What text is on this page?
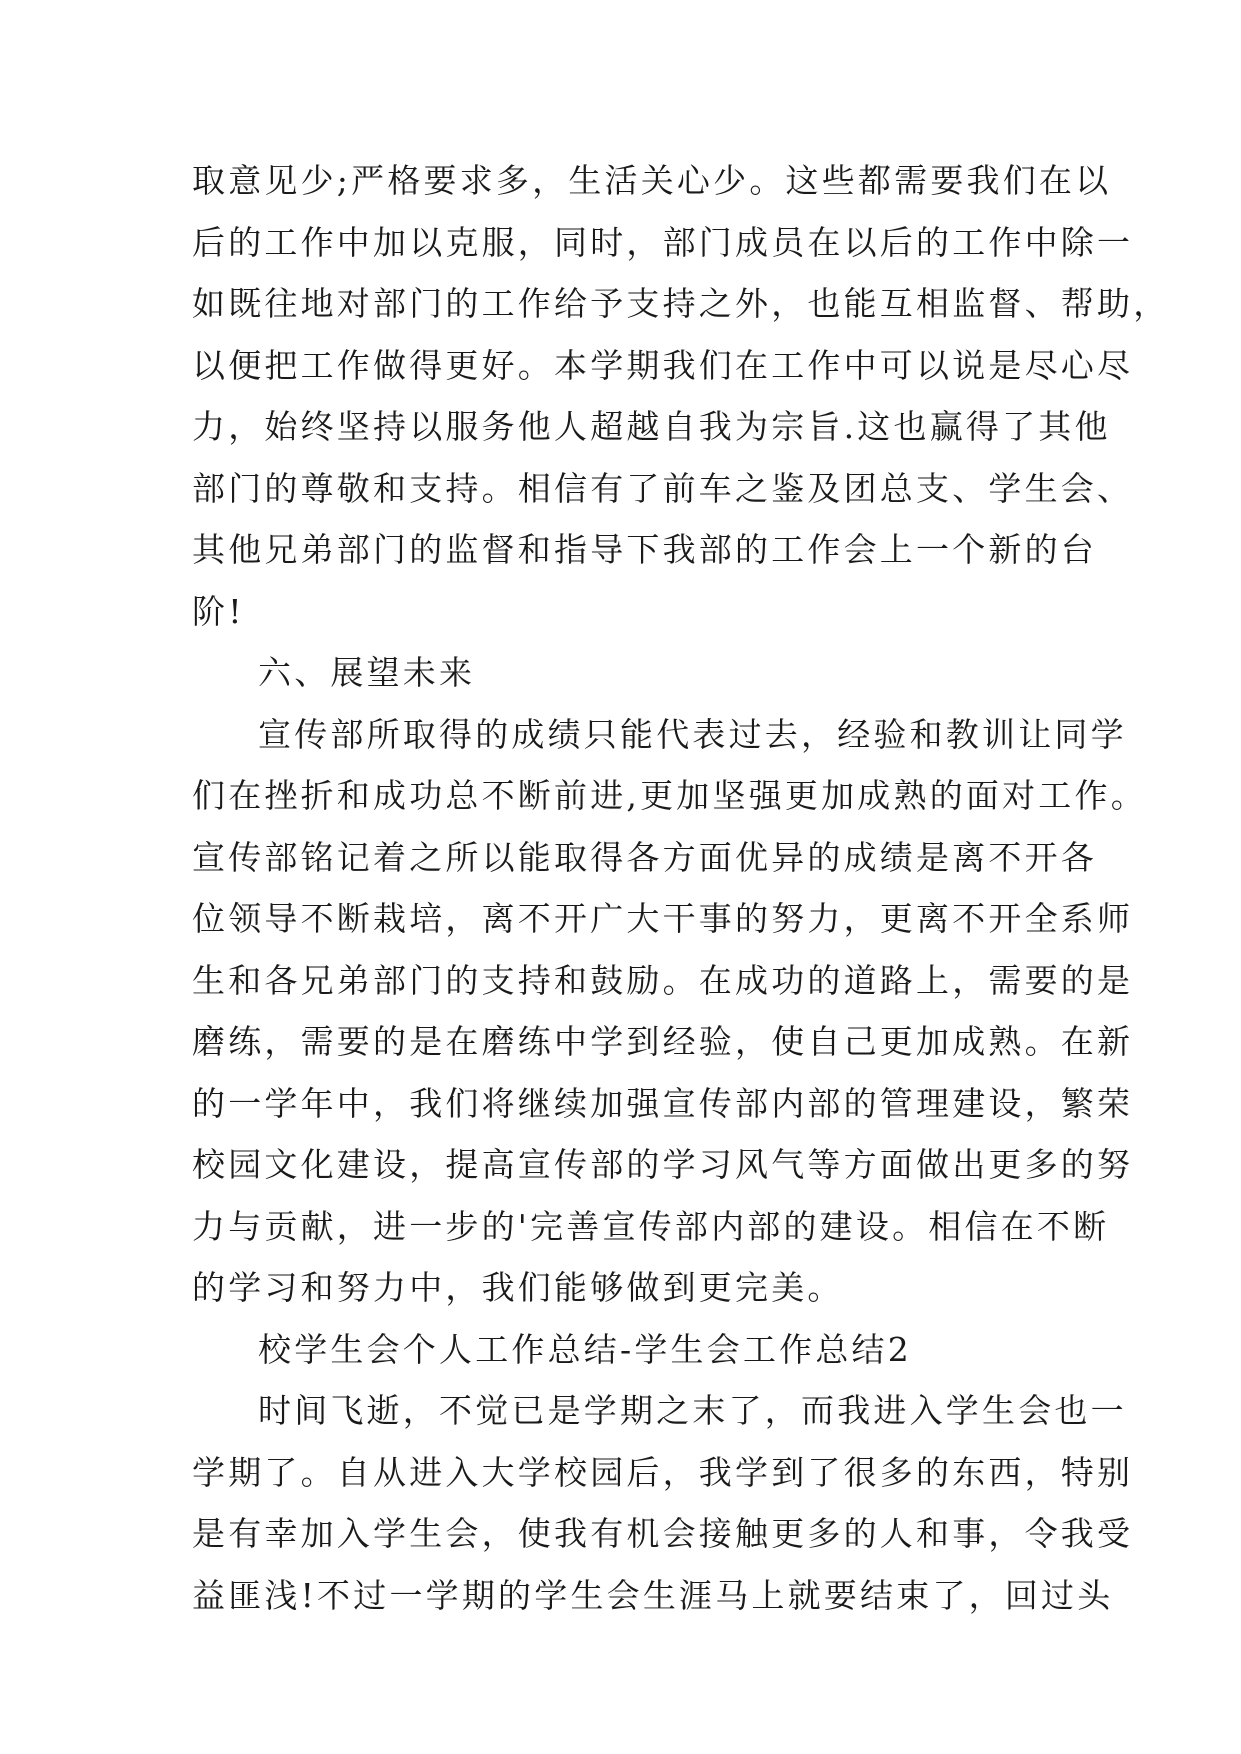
取意见少;严格要求多，生活关心少。这些都需要我们在以
后的工作中加以克服，同时，部门成员在以后的工作中除一
如既往地对部门的工作给予支持之外，也能互相监督、帮助，
以便把工作做得更好。本学期我们在工作中可以说是尽心尽
力，始终坚持以服务他人超越自我为宗旨.这也赢得了其他
部门的尊敬和支持。相信有了前车之鉴及团总支、学生会、
其他兄弟部门的监督和指导下我部的工作会上一个新的台
阶!
六、展望未来
宣传部所取得的成绩只能代表过去，经验和教训让同学
们在挫折和成功总不断前进,更加坚强更加成熟的面对工作。
宣传部铭记着之所以能取得各方面优异的成绩是离不开各
位领导不断栽培，离不开广大干事的努力，更离不开全系师
生和各兄弟部门的支持和鼓励。在成功的道路上，需要的是
磨练，需要的是在磨练中学到经验，使自己更加成熟。在新
的一学年中，我们将继续加强宣传部内部的管理建设，繁荣
校园文化建设，提高宣传部的学习风气等方面做出更多的努
力与贡献，进一步的'完善宣传部内部的建设。相信在不断
的学习和努力中，我们能够做到更完美。
校学生会个人工作总结-学生会工作总结2
时间飞逝，不觉已是学期之末了，而我进入学生会也一
学期了。自从进入大学校园后，我学到了很多的东西，特别
是有幸加入学生会，使我有机会接触更多的人和事，令我受
益匪浅!不过一学期的学生会生涯马上就要结束了，回过头
